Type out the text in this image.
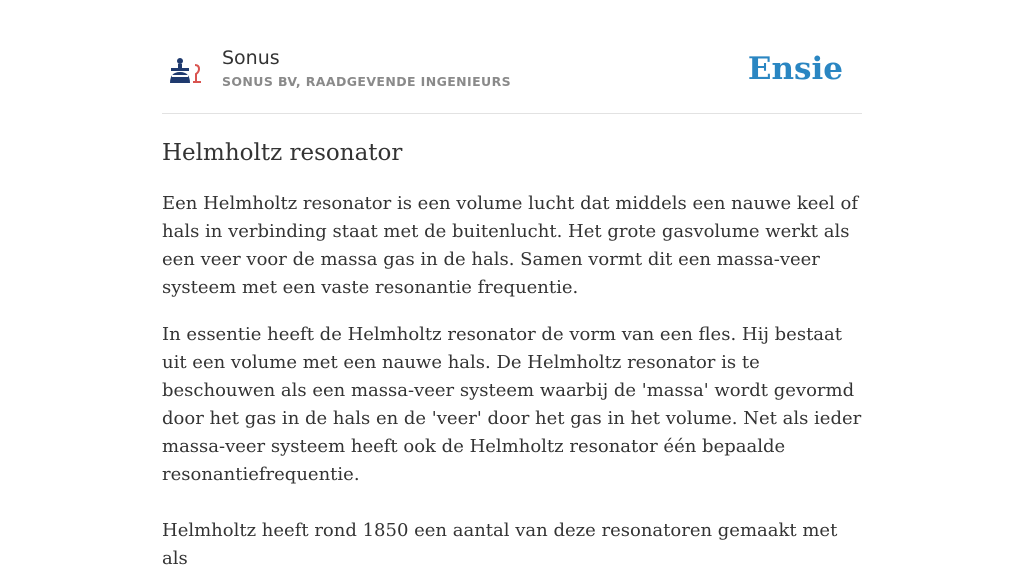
Sonus
SONUS BV, RAADGEVENDE INGENIEURS	Ensie
Helmholtz resonator

Een Helmholtz resonator is een volume lucht dat middels een nauwe keel of hals in verbinding staat met de buitenlucht. Het grote gasvolume werkt als een veer voor de massa gas in de hals. Samen vormt dit een massa-veer systeem met een vaste resonantie frequentie.

In essentie heeft de Helmholtz resonator de vorm van een fles. Hij bestaat uit een volume met een nauwe hals. De Helmholtz resonator is te beschouwen als een massa-veer systeem waarbij de 'massa' wordt gevormd door het gas in de hals en de 'veer' door het gas in het volume. Net als ieder massa-veer systeem heeft ook de Helmholtz resonator één bepaalde resonantiefrequentie.

Helmholtz heeft rond 1850 een aantal van deze resonatoren gemaakt met als
